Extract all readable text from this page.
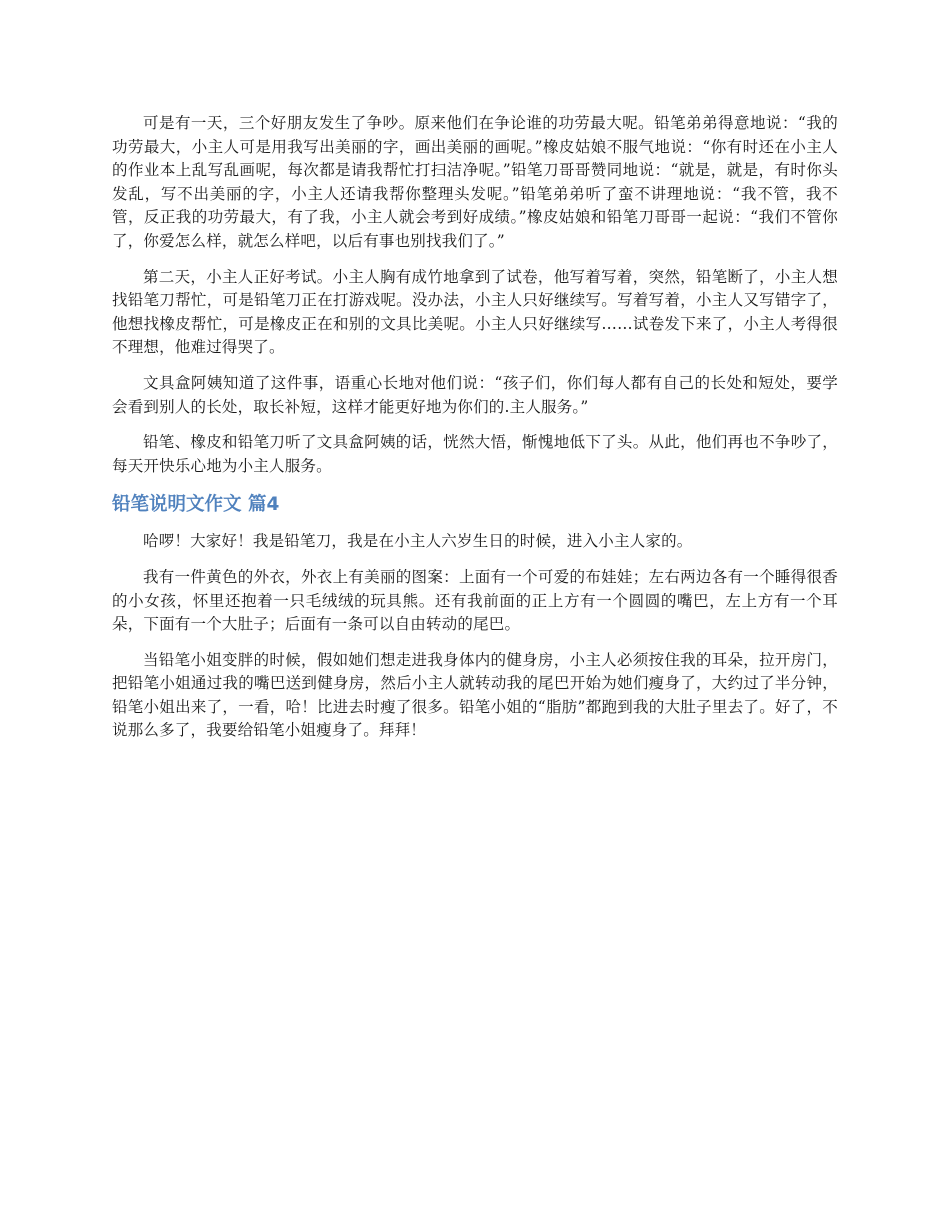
可是有一天，三个好朋友发生了争吵。原来他们在争论谁的功劳最大呢。铅笔弟弟得意地说：“我的功劳最大，小主人可是用我写出美丽的字，画出美丽的画呢。”橡皮姑娘不服气地说：“你有时还在小主人的作业本上乱写乱画呢，每次都是请我帮忙打扫洁净呢。”铅笔刀哥哥赞同地说：“就是，就是，有时你头发乱，写不出美丽的字，小主人还请我帮你整理头发呢。”铅笔弟弟听了蛮不讲理地说：“我不管，我不管，反正我的功劳最大，有了我，小主人就会考到好成绩。”橡皮姑娘和铅笔刀哥哥一起说：“我们不管你了，你爱怎么样，就怎么样吧，以后有事也别找我们了。”

第二天，小主人正好考试。小主人胸有成竹地拿到了试卷，他写着写着，突然，铅笔断了，小主人想找铅笔刀帮忙，可是铅笔刀正在打游戏呢。没办法，小主人只好继续写。写着写着，小主人又写错字了，他想找橡皮帮忙，可是橡皮正在和别的文具比美呢。小主人只好继续写……试卷发下来了，小主人考得很不理想，他难过得哭了。

文具盒阿姨知道了这件事，语重心长地对他们说：“孩子们，你们每人都有自己的长处和短处，要学会看到别人的长处，取长补短，这样才能更好地为你们的.主人服务。”

铅笔、橡皮和铅笔刀听了文具盒阿姨的话，恍然大悟，惭愧地低下了头。从此，他们再也不争吵了，每天开快乐心地为小主人服务。

铅笔说明文作文 篇4

哈啰！大家好！我是铅笔刀，我是在小主人六岁生日的时候，进入小主人家的。

我有一件黄色的外衣，外衣上有美丽的图案：上面有一个可爱的布娃娃；左右两边各有一个睡得很香的小女孩，怀里还抱着一只毛绒绒的玩具熊。还有我前面的正上方有一个圆圆的嘴巴，左上方有一个耳朵，下面有一个大肚子；后面有一条可以自由转动的尾巴。

当铅笔小姐变胖的时候，假如她们想走进我身体内的健身房，小主人必须按住我的耳朵，拉开房门，把铅笔小姐通过我的嘴巴送到健身房，然后小主人就转动我的尾巴开始为她们瘦身了，大约过了半分钟，铅笔小姐出来了，一看，哈！比进去时瘦了很多。铅笔小姐的“脂肪”都跑到我的大肚子里去了。好了，不说那么多了，我要给铅笔小姐瘦身了。拜拜！
